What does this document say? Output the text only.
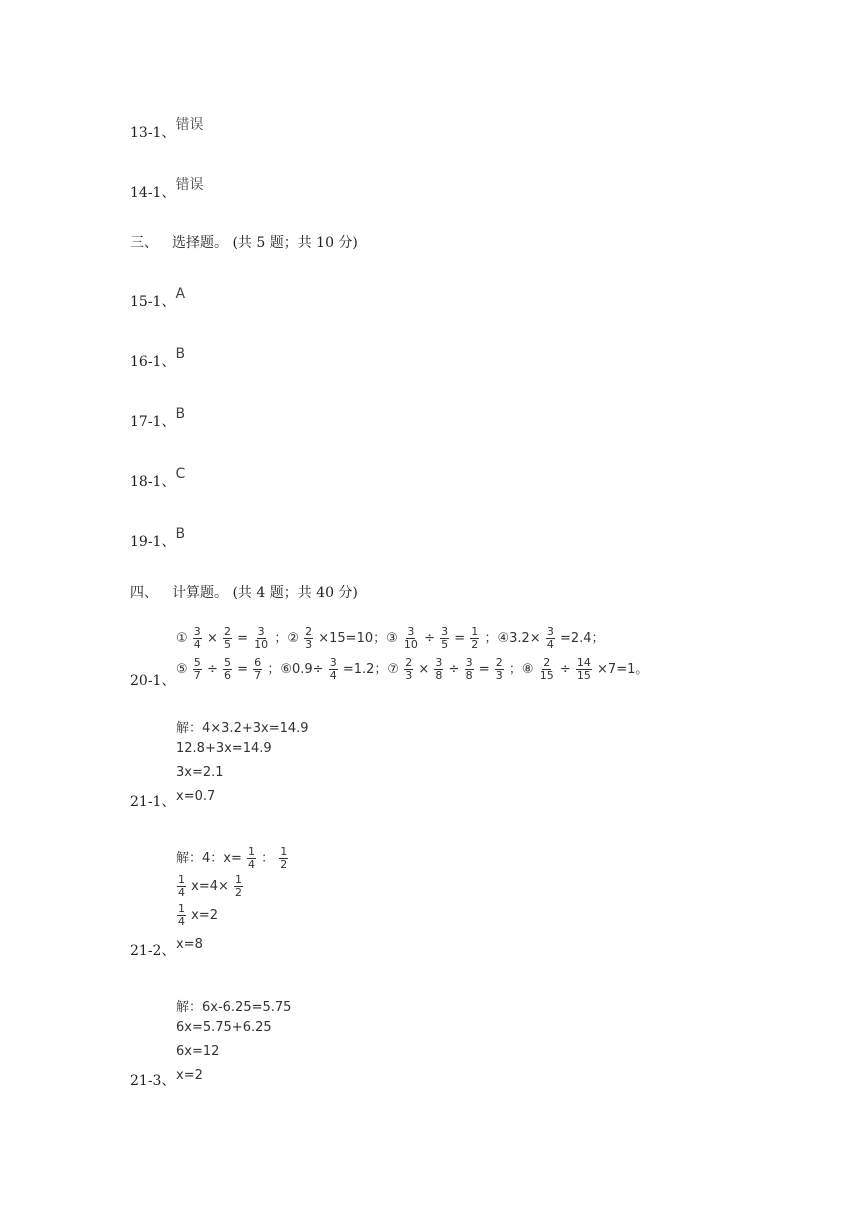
13-1、错误
14-1、错误
三、 选择题。 (共 5 题；共 10 分)
15-1、A
16-1、B
17-1、B
18-1、C
19-1、B
四、 计算题。 (共 4 题；共 40 分)
① $\frac{3}{4} \times \frac{2}{5} = \frac{3}{10}$ ；② $\frac{2}{3} \times 15=10$；③ $\frac{3}{10} \div \frac{3}{5} = \frac{1}{2}$ ；④3.2× $\frac{3}{4} =2.4$；
⑤ $\frac{5}{7} \div \frac{5}{6} = \frac{6}{7}$ ；⑥0.9÷ $\frac{3}{4} =1.2$；⑦ $\frac{2}{3} \times \frac{3}{8} \div \frac{3}{8} = \frac{2}{3}$ ；⑧ $\frac{2}{15} \div \frac{14}{15} \times 7=1$。
20-1、
解：4×3.2+3x=14.9
12.8+3x=14.9
3x=2.1
x=0.7
21-1、
解：4：$x= \frac{1}{4}$ ： $\frac{1}{2}$
$\frac{1}{4} x=4\times \frac{1}{2}$
$\frac{1}{4} x=2$
x=8
21-2、
解：6x-6.25=5.75
6x=5.75+6.25
6x=12
x=2
21-3、
